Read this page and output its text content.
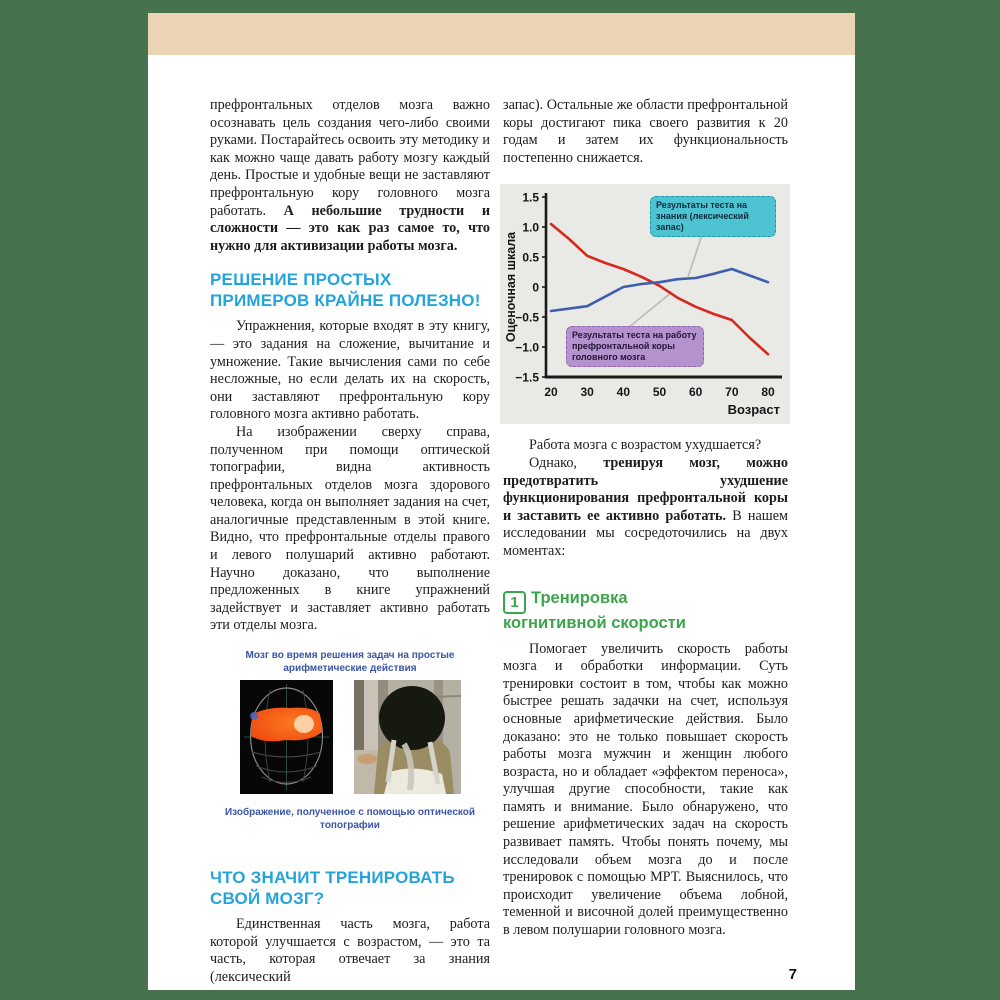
префронтальных отделов мозга важно осознавать цель создания чего-либо своими руками. Постарайтесь освоить эту методику и как можно чаще давать работу мозгу каждый день. Простые и удобные вещи не заставляют префронтальную кору головного мозга работать. А небольшие трудности и сложности — это как раз самое то, что нужно для активизации работы мозга.

РЕШЕНИЕ ПРОСТЫХ ПРИМЕРОВ КРАЙНЕ ПОЛЕЗНО!

Упражнения, которые входят в эту книгу, — это задания на сложение, вычитание и умножение. Такие вычисления сами по себе несложные, но если делать их на скорость, они заставляют префронтальную кору головного мозга активно работать.

На изображении сверху справа, полученном при помощи оптической топографии, видна активность префронтальных отделов мозга здорового человека, когда он выполняет задания на счет, аналогичные представленным в этой книге. Видно, что префронтальные отделы правого и левого полушарий активно работают. Научно доказано, что выполнение предложенных в книге упражнений задействует и заставляет активно работать эти отделы мозга.

Мозг во время решения задач на простые арифметические действия
Изображение, полученное с помощью оптической топографии
ЧТО ЗНАЧИТ ТРЕНИРОВАТЬ СВОЙ МОЗГ?

Единственная часть мозга, работа которой улучшается с возрастом, — это та часть, которая отвечает за знания (лексический

запас). Остальные же области префронтальной коры достигают пика своего развития к 20 годам и затем их функциональность постепенно снижается.

1.5
1.0
0.5
0
−0.5
−1.0
−1.5
20 30 40 50 60 70 80
Оценочная шкала
Возраст
Результаты теста на знания (лексический запас)
Результаты теста на работу префронтальной коры головного мозга

Работа мозга с возрастом ухудшается?

Однако, тренируя мозг, можно предотвратить ухудшение функционирования префронтальной коры и заставить ее активно работать. В нашем исследовании мы сосредоточились на двух моментах:

1 Тренировка когнитивной скорости

Помогает увеличить скорость работы мозга и обработки информации. Суть тренировки состоит в том, чтобы как можно быстрее решать задачки на счет, используя основные арифметические действия. Было доказано: это не только повышает скорость работы мозга мужчин и женщин любого возраста, но и обладает «эффектом переноса», улучшая другие способности, такие как память и внимание. Было обнаружено, что решение арифметических задач на скорость развивает память. Чтобы понять почему, мы исследовали объем мозга до и после тренировок с помощью МРТ. Выяснилось, что происходит увеличение объема лобной, теменной и височной долей преимущественно в левом полушарии головного мозга.

7
